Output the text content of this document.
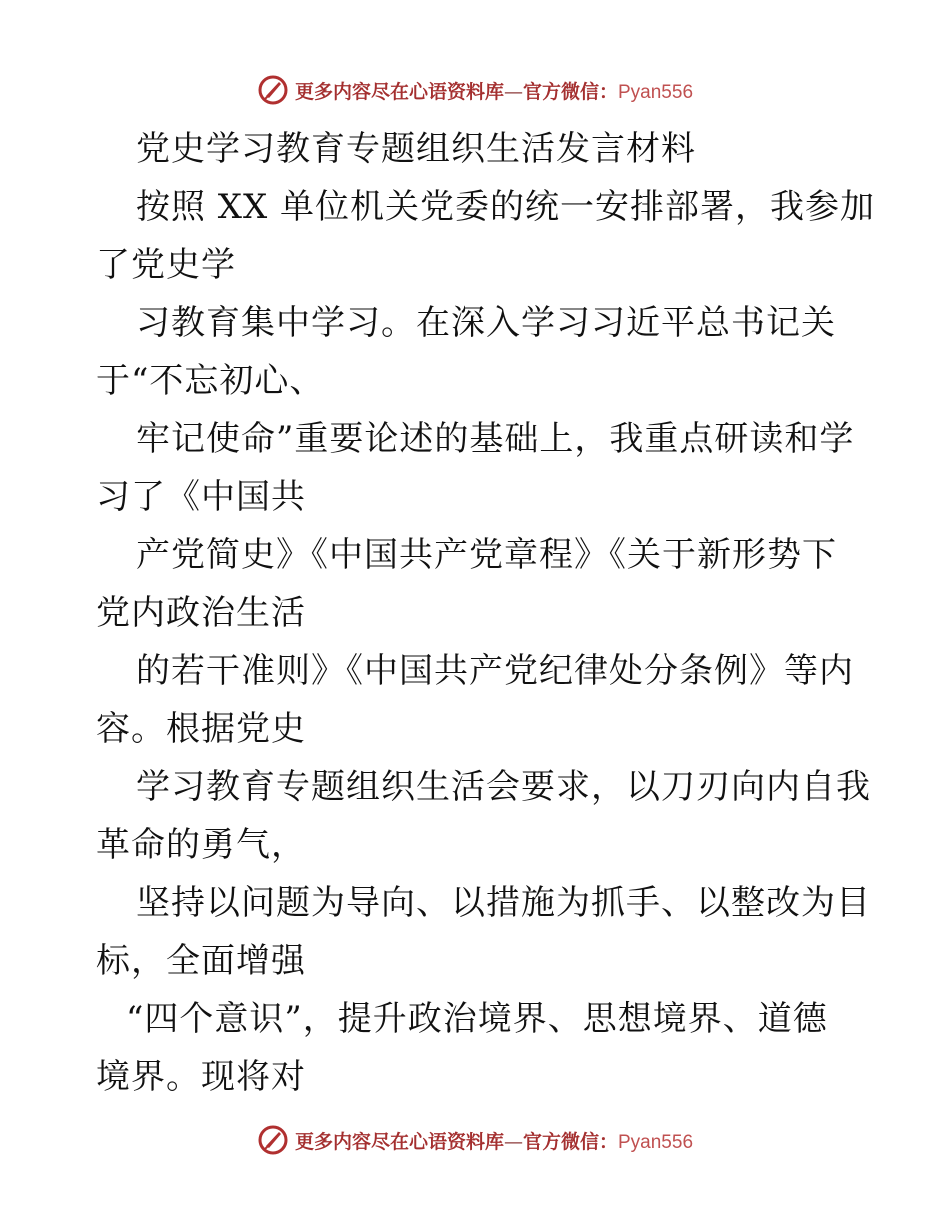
更多内容尽在心语资料库—官方微信：Pyan556
党史学习教育专题组织生活发言材料
按照 XX 单位机关党委的统一安排部署，我参加
了党史学
习教育集中学习。在深入学习习近平总书记关
于“不忘初心、
牢记使命”重要论述的基础上，我重点研读和学
习了《中国共
产党简史》《中国共产党章程》《关于新形势下
党内政治生活
的若干准则》《中国共产党纪律处分条例》等内
容。根据党史
学习教育专题组织生活会要求，以刀刃向内自我
革命的勇气，
坚持以问题为导向、以措施为抓手、以整改为目
标，全面增强
“四个意识”，提升政治境界、思想境界、道德
境界。现将对
更多内容尽在心语资料库—官方微信：Pyan556
